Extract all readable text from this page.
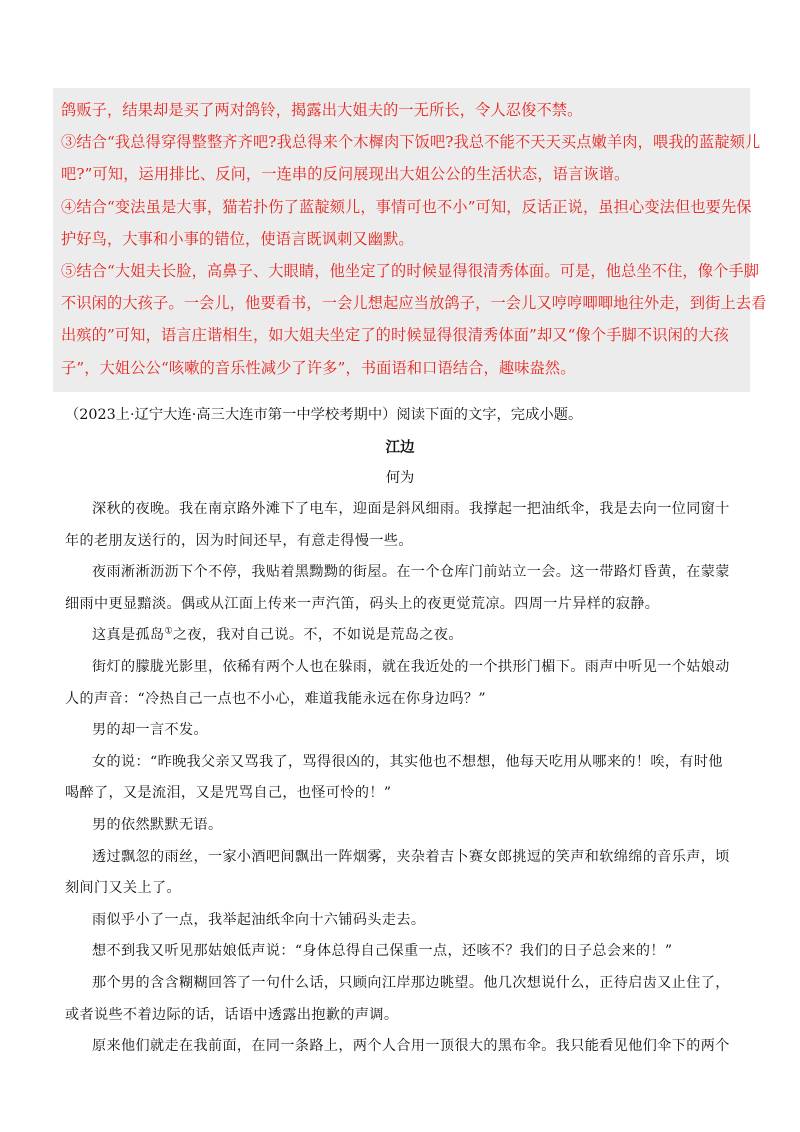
鸽贩子，结果却是买了两对鸽铃，揭露出大姐夫的一无所长，令人忍俊不禁。
③结合“我总得穿得整整齐齐吧?我总得来个木樨肉下饭吧?我总不能不天天买点嫩羊肉，喂我的蓝靛颏儿
吧?”可知，运用排比、反问，一连串的反问展现出大姐公公的生活状态，语言诙谐。
④结合“变法虽是大事，猫若扑伤了蓝靛颏儿，事情可也不小”可知，反话正说，虽担心变法但也要先保
护好鸟，大事和小事的错位，使语言既讽刺又幽默。
⑤结合“大姐夫长脸，高鼻子、大眼睛，他坐定了的时候显得很清秀体面。可是，他总坐不住，像个手脚
不识闲的大孩子。一会儿，他要看书，一会儿想起应当放鸽子，一会儿又哼哼唧唧地往外走，到街上去看
出殡的”可知，语言庄谐相生，如大姐夫坐定了的时候显得很清秀体面”却又“像个手脚不识闲的大孩
子”，大姐公公“咳嗽的音乐性减少了许多”，书面语和口语结合，趣味盎然。
（2023上·辽宁大连·高三大连市第一中学校考期中）阅读下面的文字，完成小题。
江边
何为
深秋的夜晚。我在南京路外滩下了电车，迎面是斜风细雨。我撑起一把油纸伞，我是去向一位同窗十
年的老朋友送行的，因为时间还早，有意走得慢一些。
夜雨淅淅沥沥下个不停，我贴着黑黝黝的街屋。在一个仓库门前站立一会。这一带路灯昏黄，在蒙蒙
细雨中更显黯淡。偶或从江面上传来一声汽笛，码头上的夜更觉荒凉。四周一片异样的寂静。
这真是孤岛①之夜，我对自己说。不，不如说是荒岛之夜。
街灯的朦胧光影里，依稀有两个人也在躲雨，就在我近处的一个拱形门楣下。雨声中听见一个姑娘动
人的声音：“冷热自己一点也不小心，难道我能永远在你身边吗？”
男的却一言不发。
女的说：“昨晚我父亲又骂我了，骂得很凶的，其实他也不想想，他每天吃用从哪来的！唉，有时他
喝醉了，又是流泪，又是咒骂自己，也怪可怜的！”
男的依然默默无语。
透过飘忽的雨丝，一家小酒吧间飘出一阵烟雾，夹杂着吉卜赛女郎挑逗的笑声和软绵绵的音乐声，顷
刻间门又关上了。
雨似乎小了一点，我举起油纸伞向十六铺码头走去。
想不到我又听见那姑娘低声说：“身体总得自己保重一点，还咳不？我们的日子总会来的！”
那个男的含含糊糊回答了一句什么话，只顾向江岸那边眺望。他几次想说什么，正待启齿又止住了，
或者说些不着边际的话，话语中透露出抱歉的声调。
原来他们就走在我前面，在同一条路上，两个人合用一顶很大的黑布伞。我只能看见他们伞下的两个
